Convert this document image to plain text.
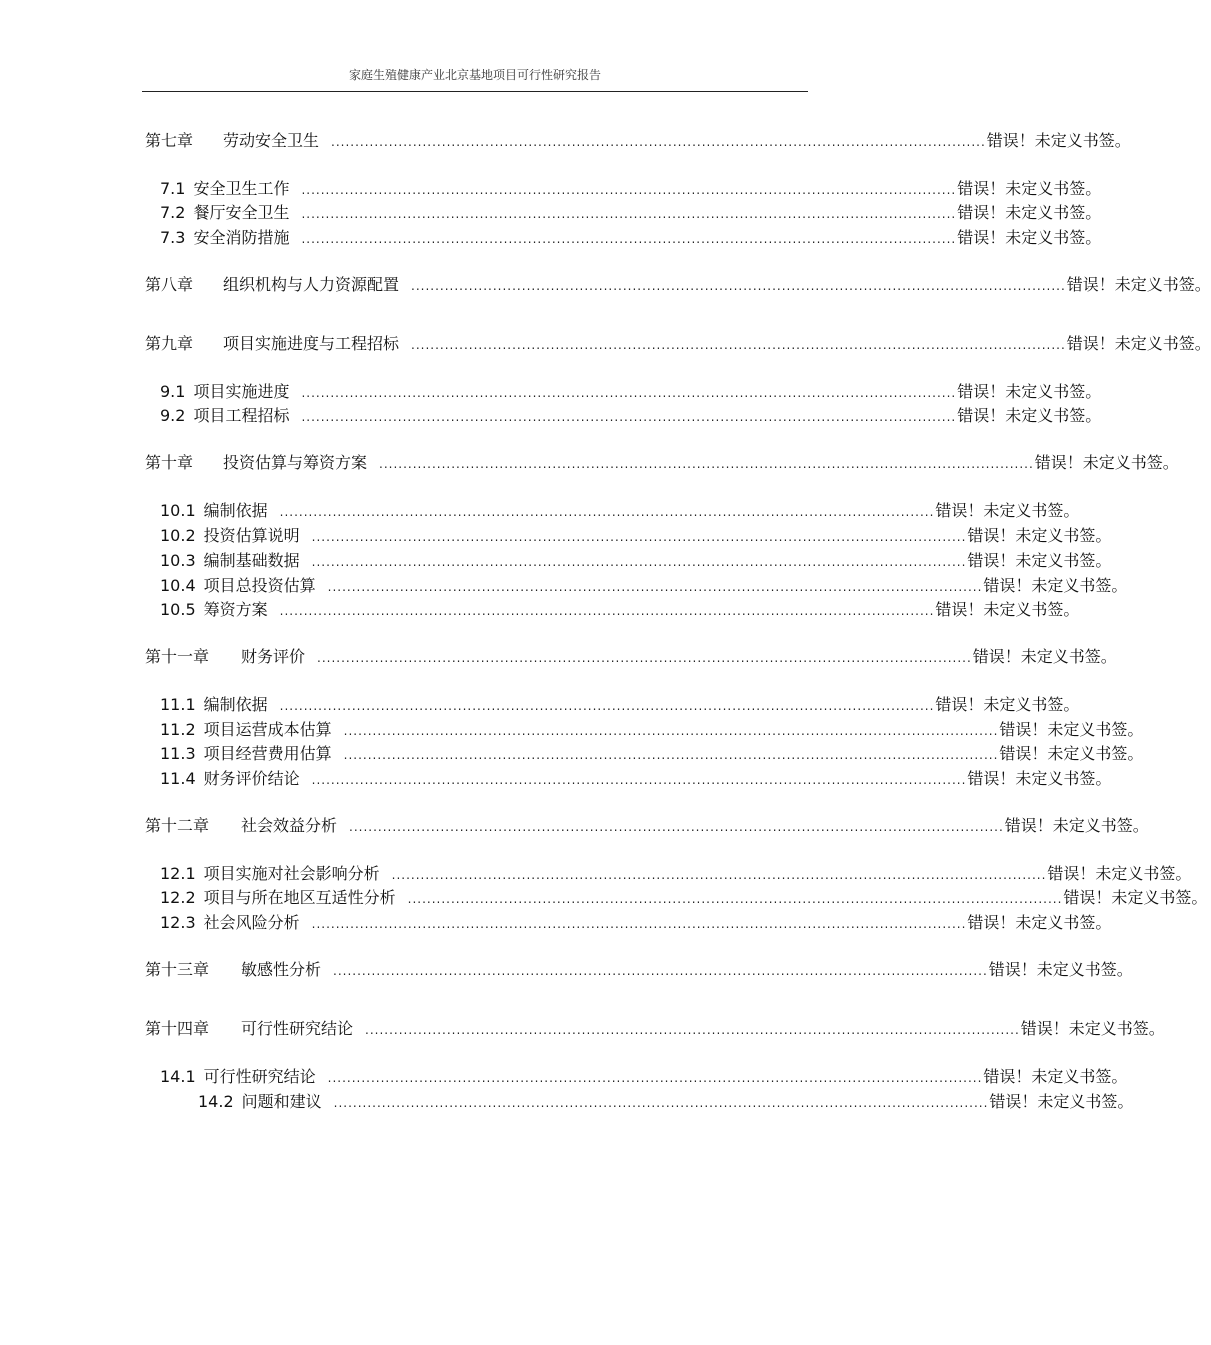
家庭生殖健康产业北京基地项目可行性研究报告
第七章	劳动安全卫生 ........................................................................................................................................ 错误！未定义书签。
7.1 安全卫生工作 ........................................................................................................................................ 错误！未定义书签。
7.2 餐厅安全卫生 ........................................................................................................................................ 错误！未定义书签。
7.3 安全消防措施 ........................................................................................................................................ 错误！未定义书签。
第八章	组织机构与人力资源配置 ........................................................................................................................................ 错误！未定义书签。
第九章	项目实施进度与工程招标 ........................................................................................................................................ 错误！未定义书签。
9.1 项目实施进度 ........................................................................................................................................ 错误！未定义书签。
9.2 项目工程招标 ........................................................................................................................................ 错误！未定义书签。
第十章	投资估算与筹资方案 ........................................................................................................................................ 错误！未定义书签。
10.1 编制依据 ........................................................................................................................................ 错误！未定义书签。
10.2 投资估算说明 ........................................................................................................................................ 错误！未定义书签。
10.3 编制基础数据 ........................................................................................................................................ 错误！未定义书签。
10.4 项目总投资估算 ........................................................................................................................................ 错误！未定义书签。
10.5 筹资方案 ........................................................................................................................................ 错误！未定义书签。
第十一章	财务评价 ........................................................................................................................................ 错误！未定义书签。
11.1 编制依据 ........................................................................................................................................ 错误！未定义书签。
11.2 项目运营成本估算 ........................................................................................................................................ 错误！未定义书签。
11.3 项目经营费用估算 ........................................................................................................................................ 错误！未定义书签。
11.4 财务评价结论 ........................................................................................................................................ 错误！未定义书签。
第十二章	社会效益分析 ........................................................................................................................................ 错误！未定义书签。
12.1 项目实施对社会影响分析 ........................................................................................................................................ 错误！未定义书签。
12.2 项目与所在地区互适性分析 ........................................................................................................................................ 错误！未定义书签。
12.3 社会风险分析 ........................................................................................................................................ 错误！未定义书签。
第十三章	敏感性分析 ........................................................................................................................................ 错误！未定义书签。
第十四章	可行性研究结论 ........................................................................................................................................ 错误！未定义书签。
14.1 可行性研究结论 ........................................................................................................................................ 错误！未定义书签。
14.2 问题和建议 ........................................................................................................................................ 错误！未定义书签。
